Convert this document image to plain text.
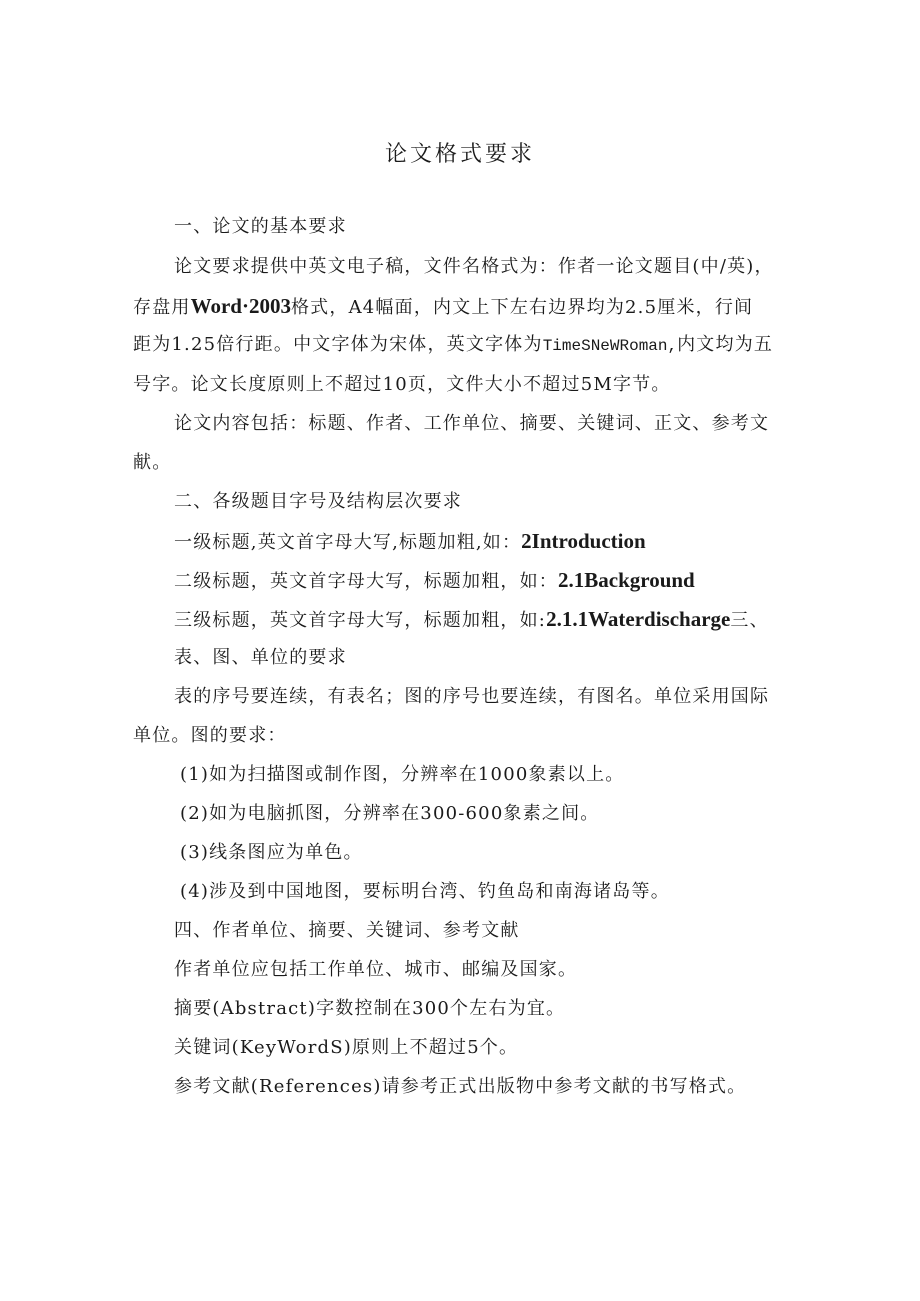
论文格式要求
一、论文的基本要求
论文要求提供中英文电子稿，文件名格式为：作者一论文题目(中/英)，
存盘用Word·2003格式，A4幅面，内文上下左右边界均为2.5厘米，行间
距为1.25倍行距。中文字体为宋体，英文字体为TimeSNeWRoman,内文均为五
号字。论文长度原则上不超过10页，文件大小不超过5M字节。
论文内容包括：标题、作者、工作单位、摘要、关键词、正文、参考文
献。
二、各级题目字号及结构层次要求
一级标题,英文首字母大写,标题加粗,如：2Introduction
二级标题，英文首字母大写，标题加粗，如：2.1Background
三级标题，英文首字母大写，标题加粗，如:2.1.1Waterdischarge三、
表、图、单位的要求
表的序号要连续，有表名；图的序号也要连续，有图名。单位采用国际
单位。图的要求：
(1)如为扫描图或制作图，分辨率在1000象素以上。
(2)如为电脑抓图，分辨率在300-600象素之间。
(3)线条图应为单色。
(4)涉及到中国地图，要标明台湾、钓鱼岛和南海诸岛等。
四、作者单位、摘要、关键词、参考文献
作者单位应包括工作单位、城市、邮编及国家。
摘要(Abstract)字数控制在300个左右为宜。
关键词(KeyWordS)原则上不超过5个。
参考文献(References)请参考正式出版物中参考文献的书写格式。
